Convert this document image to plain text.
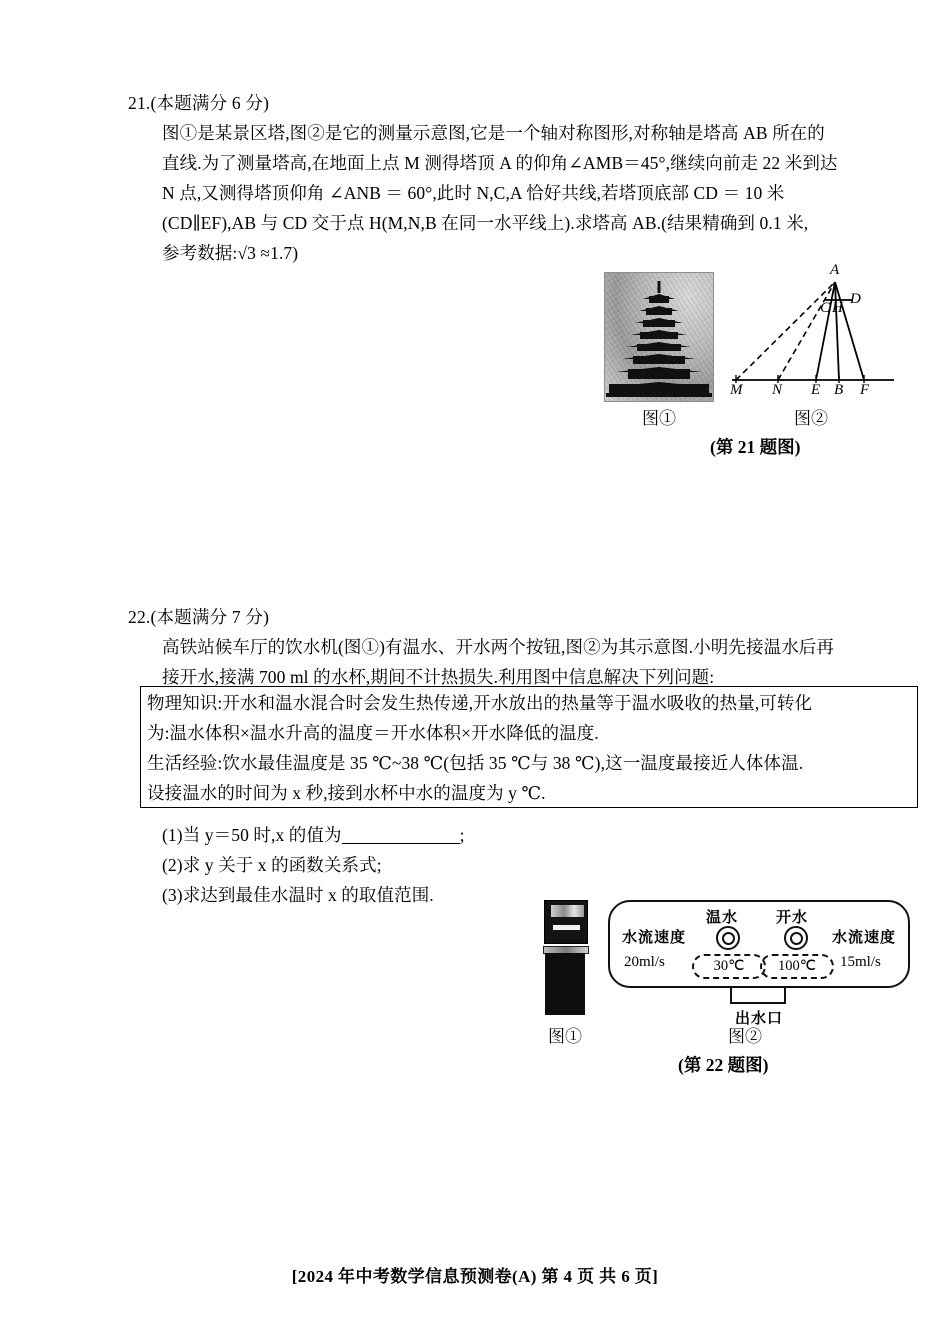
21.(本题满分 6 分)
图①是某景区塔,图②是它的测量示意图,它是一个轴对称图形,对称轴是塔高 AB 所在的
直线.为了测量塔高,在地面上点 M 测得塔顶 A 的仰角∠AMB＝45°,继续向前走 22 米到达
N 点,又测得塔顶仰角 ∠ANB ＝ 60°,此时 N,C,A 恰好共线,若塔顶底部 CD ＝ 10 米
(CD∥EF),AB 与 CD 交于点 H(M,N,B 在同一水平线上).求塔高 AB.(结果精确到 0.1 米,
参考数据:√3 ≈1.7)
图①
A
C H
D
M N E B F
图②
(第 21 题图)
22.(本题满分 7 分)
高铁站候车厅的饮水机(图①)有温水、开水两个按钮,图②为其示意图.小明先接温水后再
接开水,接满 700 ml 的水杯,期间不计热损失.利用图中信息解决下列问题:
物理知识:开水和温水混合时会发生热传递,开水放出的热量等于温水吸收的热量,可转化
为:温水体积×温水升高的温度＝开水体积×开水降低的温度.
生活经验:饮水最佳温度是 35 ℃~38 ℃(包括 35 ℃与 38 ℃),这一温度最接近人体体温.
设接温水的时间为 x 秒,接到水杯中水的温度为 y ℃.
(1)当 y＝50 时,x 的值为	;
(2)求 y 关于 x 的函数关系式;
(3)求达到最佳水温时 x 的取值范围.
图①
水流速度
20ml/s
温水
30℃
开水
100℃
水流速度
15ml/s
出水口
图②
(第 22 题图)
[2024 年中考数学信息预测卷(A) 第 4 页 共 6 页]
